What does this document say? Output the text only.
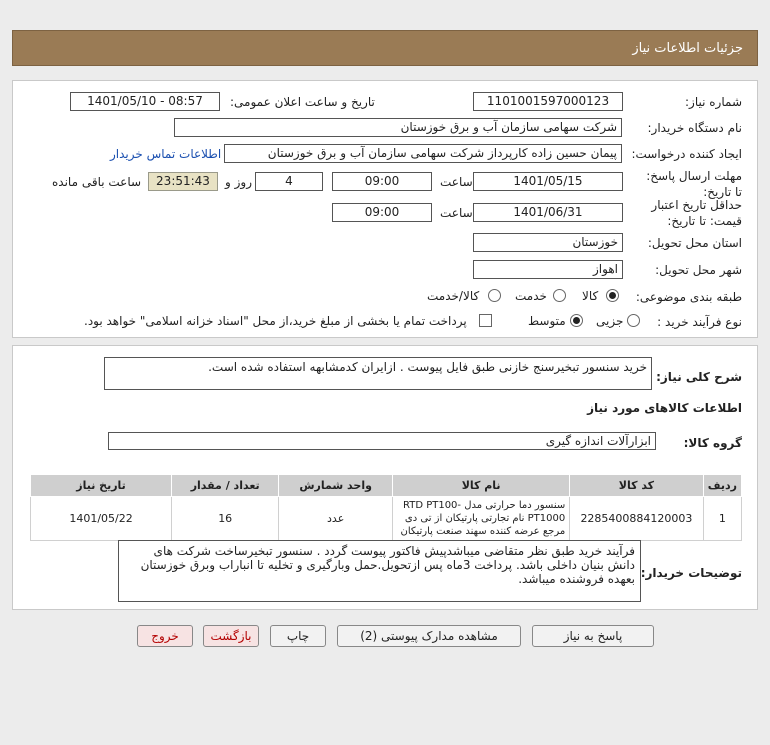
جزئیات اطلاعات نیاز
شماره نیاز:
1101001597000123
تاریخ و ساعت اعلان عمومی:
1401/05/10 - 08:57
نام دستگاه خریدار:
شرکت سهامی سازمان آب و برق خوزستان
ایجاد کننده درخواست:
پیمان حسین زاده کارپرداز شرکت سهامی سازمان آب و برق خوزستان
اطلاعات تماس خریدار
مهلت ارسال پاسخ: تا تاریخ:
1401/05/15
ساعت
09:00
4
روز و
23:51:43
ساعت باقی مانده
حداقل تاریخ اعتبار قیمت: تا تاریخ:
1401/06/31
ساعت
09:00
استان محل تحویل:
خوزستان
شهر محل تحویل:
اهواز
طبقه بندی موضوعی:
کالا
خدمت
کالا/خدمت
نوع فرآیند خرید :
جزیی
متوسط
پرداخت تمام یا بخشی از مبلغ خرید،از محل "اسناد خزانه اسلامی" خواهد بود.
شرح کلی نیاز:
خرید سنسور تبخیرسنج خازنی طبق فایل پیوست . ازایران کدمشابهه استفاده شده است.
اطلاعات کالاهای مورد نیاز
گروه کالا:
ابزارآلات اندازه گیری
تاریخ نیاز	تعداد / مقدار	واحد شمارش	نام کالا	کد کالا	ردیف
1401/05/22	16	عدد	سنسور دما حرارتی مدل RTD PT100-PT1000 نام تجارتی پارتیکان از تی دی مرجع عرضه کننده سهند صنعت پارتیکان	2285400884120003	1
توضیحات خریدار:
فرآیند خرید طبق نظر متقاضی میباشدپیش فاکتور پیوست گردد . سنسور تبخیرساخت شرکت های دانش بنیان داخلی باشد. پرداخت 3ماه پس ازتحویل.حمل وبارگیری و تخلیه تا انباراب وبرق خوزستان بعهده فروشنده میباشد.
پاسخ به نیاز
مشاهده مدارک پیوستی (2)
چاپ
بازگشت
خروج
